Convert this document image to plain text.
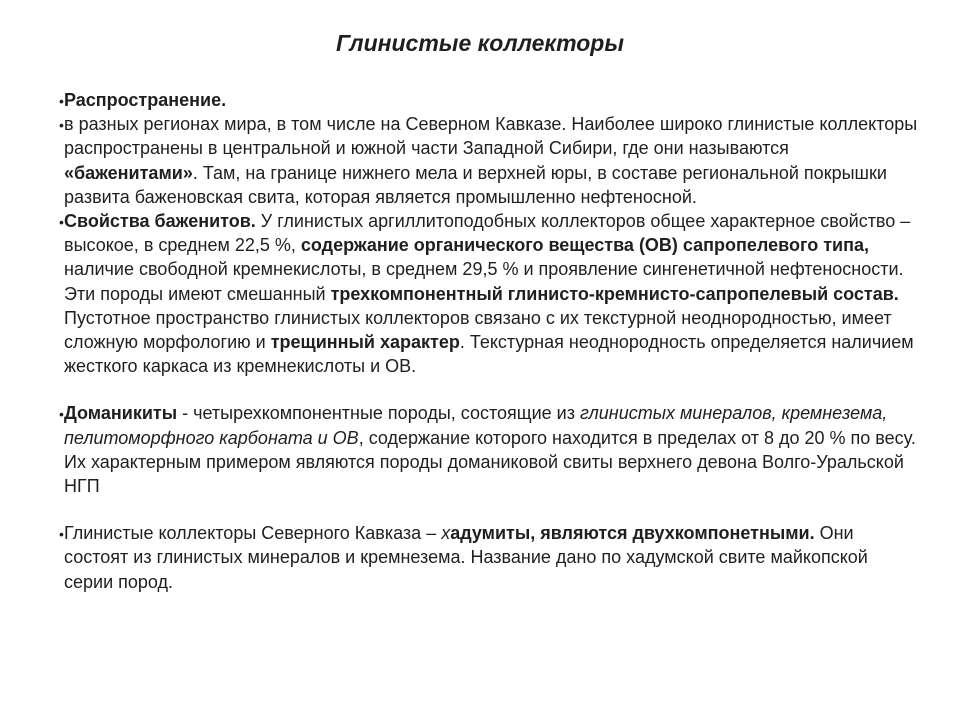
Глинистые коллекторы

• Распространение.

• в разных регионах мира, в том числе на Северном Кавказе. Наиболее широко глинистые коллекторы распространены в центральной и южной части Западной Сибири, где они называются «баженитами». Там, на границе нижнего мела и верхней юры, в составе региональной покрышки развита баженовская свита, которая является промышленно нефтеносной.

• Свойства баженитов. У глинистых аргиллитоподобных коллекторов общее характерное свойство – высокое, в среднем 22,5 %, содержание органического вещества (ОВ) сапропелевого типа, наличие свободной кремнекислоты, в среднем 29,5 % и проявление сингенетичной нефтеносности. Эти породы имеют смешанный трехкомпонентный глинисто-кремнисто-сапропелевый состав. Пустотное пространство глинистых коллекторов связано с их текстурной неоднородностью, имеет сложную морфологию и трещинный характер. Текстурная неоднородность определяется наличием жесткого каркаса из кремнекислоты и ОВ.

• Доманикиты - четырехкомпонентные породы, состоящие из глинистых минералов, кремнезема, пелитоморфного карбоната и ОВ, содержание которого находится в пределах от 8 до 20 % по весу. Их характерным примером являются породы доманиковой свиты верхнего девона Волго-Уральской НГП

• Глинистые коллекторы Северного Кавказа – хадумиты, являются двухкомпонетными. Они состоят из глинистых минералов и кремнезема. Название дано по хадумской свите майкопской серии пород.
